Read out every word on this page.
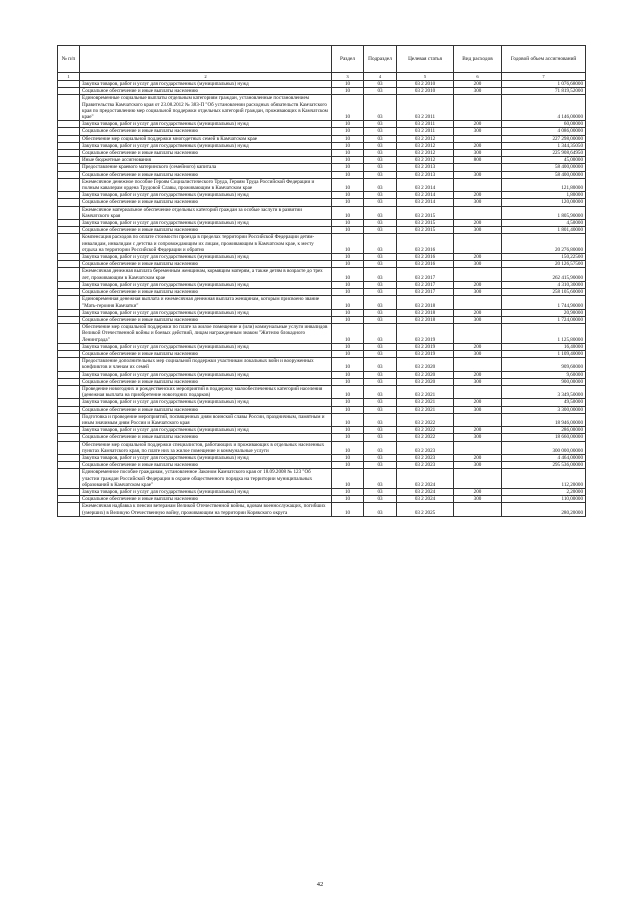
№ п/п		Раздел	Подраздел	Целевая статья	Вид расходов	Годовой объем ассигнований
1	2	3	4	5	6	7
	Закупка товаров, работ и услуг для государственных (муниципальных) нужд	10	03	03 2 2010	200	1 076,68000
	Социальное обеспечение и иные выплаты населению	10	03	03 2 2010	300	71 819,52000
	Единовременные социальные выплаты отдельным категориям граждан, установленные постановлением Правительства Камчатского края от 23.08.2012 № 383-П "Об установлении расходных обязательств Камчатского края по предоставлению мер социальной поддержки отдельных категорий граждан, проживающих в Камчатском крае"	10	03	03 2 2011		4 146,00000
	Закупка товаров, работ и услуг для государственных (муниципальных) нужд	10	03	03 2 2011	200	60,00000
	Социальное обеспечение и иные выплаты населению	10	03	03 2 2011	300	4 086,00000
	Обеспечение мер социальной поддержки многодетных семей в Камчатском крае	10	03	03 2 2012		227 298,00000
	Закупка товаров, работ и услуг для государственных (муниципальных) нужд	10	03	03 2 2012	200	1 344,35050
	Социальное обеспечение и иные выплаты населению	10	03	03 2 2012	300	225 908,64950
	Иные бюджетные ассигнования	10	03	03 2 2012	800	45,00000
	Предоставление краевого материнского (семейного) капитала	10	03	03 2 2013		58 400,00000
	Социальное обеспечение и иные выплаты населению	10	03	03 2 2013	300	58 400,00000
	Ежемесячное денежное пособие Героям Социалистического Труда, Героям Труда Российской Федерации и полным кавалерам ордена Трудовой Славы, проживающим в Камчатском крае	10	03	03 2 2014		121,80000
	Закупка товаров, работ и услуг для государственных (муниципальных) нужд	10	03	03 2 2014	200	1,80000
	Социальное обеспечение и иные выплаты населению	10	03	03 2 2014	300	120,00000
	Ежемесячное материальное обеспечение отдельных категорий граждан за особые заслуги в развитии Камчатского края	10	03	03 2 2015		1 805,90000
	Закупка товаров, работ и услуг для государственных (муниципальных) нужд	10	03	03 2 2015	200	4,50000
	Социальное обеспечение и иные выплаты населению	10	03	03 2 2015	300	1 801,40000
	Компенсация расходов по оплате стоимости проезда в пределах территории Российской Федерации детям-инвалидам, инвалидам с детства и сопровождающим их лицам, проживающим в Камчатском крае, к месту отдыха на территории Российской Федерации и обратно	10	03	03 2 2016		20 276,80000
	Закупка товаров, работ и услуг для государственных (муниципальных) нужд	10	03	03 2 2016	200	150,22500
	Социальное обеспечение и иные выплаты населению	10	03	03 2 2016	300	20 126,57500
	Ежемесячная денежная выплата беременным женщинам, кормящим матерям, а также детям в возрасте до трех лет, проживающим в Камчатском крае	10	03	03 2 2017		262 415,90000
	Закупка товаров, работ и услуг для государственных (муниципальных) нужд	10	03	03 2 2017	200	4 310,30000
	Социальное обеспечение и иные выплаты населению	10	03	03 2 2017	300	258 105,60000
	Единовременная денежная выплата и ежемесячная денежная выплата женщинам, которым присвоено звание "Мать-героиня Камчатки"	10	03	03 2 2018		1 744,90000
	Закупка товаров, работ и услуг для государственных (муниципальных) нужд	10	03	03 2 2018	200	20,90000
	Социальное обеспечение и иные выплаты населению	10	03	03 2 2018	300	1 724,00000
	Обеспечение мер социальной поддержки по плате за жилое помещение и (или) коммунальные услуги инвалидов Великой Отечественной войны и боевых действий, лицам награжденным знаком "Жителю блокадного Ленинграда"	10	03	03 2 2019		1 125,80000
	Закупка товаров, работ и услуг для государственных (муниципальных) нужд	10	03	03 2 2019	200	16,40000
	Социальное обеспечение и иные выплаты населению	10	03	03 2 2019	300	1 109,40000
	Предоставление дополнительных мер социальной поддержки участникам локальных войн и вооруженных конфликтов и членам их семей	10	03	03 2 2020		909,60000
	Закупка товаров, работ и услуг для государственных (муниципальных) нужд	10	03	03 2 2020	200	9,60000
	Социальное обеспечение и иные выплаты населению	10	03	03 2 2020	300	900,00000
	Проведение новогодних и рождественских мероприятий в поддержку малообеспеченных категорий населения (денежная выплата на приобретение новогодних подарков)	10	03	03 2 2021		3 349,50000
	Закупка товаров, работ и услуг для государственных (муниципальных) нужд	10	03	03 2 2021	200	49,50000
	Социальное обеспечение и иные выплаты населению	10	03	03 2 2021	300	3 300,00000
	Подготовка и проведение мероприятий, посвященных дням воинской славы России, праздничным, памятным и иным значимым дням России и Камчатского края	10	03	03 2 2022		18 946,00000
	Закупка товаров, работ и услуг для государственных (муниципальных) нужд	10	03	03 2 2022	200	286,00000
	Социальное обеспечение и иные выплаты населению	10	03	03 2 2022	300	18 660,00000
	Обеспечение мер социальной поддержки специалистов, работающих и проживающих в отдельных населенных пунктах Камчатского края, по плате них за жилое помещение и коммунальные услуги	10	03	03 2 2023		300 000,00000
	Закупка товаров, работ и услуг для государственных (муниципальных) нужд	10	03	03 2 2023	200	4 464,00000
	Социальное обеспечение и иные выплаты населению	10	03	03 2 2023	300	295 536,00000
	Единовременное пособие гражданам, установленное Законом Камчатского края от 18.09.2008 № 123 "Об участии граждан Российской Федерации в охране общественного порядка на территории муниципальных образований в Камчатском крае"	10	03	03 2 2024		112,20000
	Закупка товаров, работ и услуг для государственных (муниципальных) нужд	10	03	03 2 2024	200	2,20000
	Социальное обеспечение и иные выплаты населению	10	03	03 2 2024	300	110,00000
	Ежемесячная надбавка к пенсии ветеранам Великой Отечественной войны, вдовам военнослужащих, погибших (умерших) в Великую Отечественную войну, проживающим на территории Корякского округа	10	03	03 2 2025		280,20000
42
